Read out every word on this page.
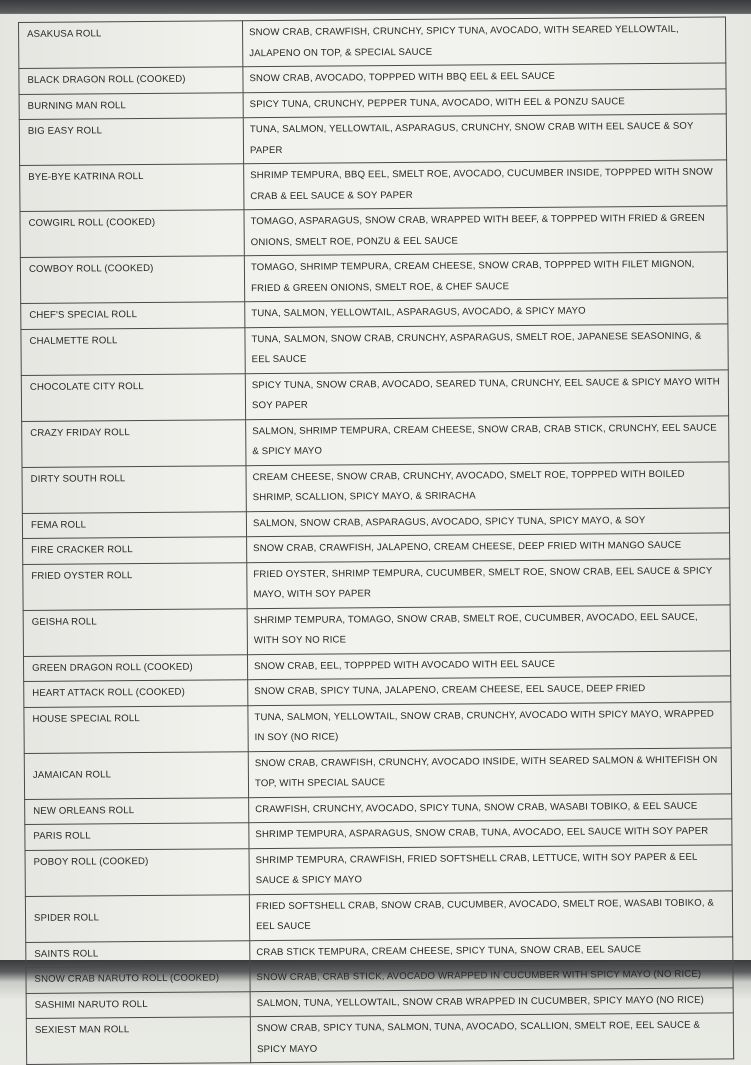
ASAKUSA ROLL	SNOW CRAB, CRAWFISH, CRUNCHY, SPICY TUNA, AVOCADO, WITH SEARED YELLOWTAIL, JALAPENO ON TOP, & SPECIAL SAUCE
BLACK DRAGON ROLL (COOKED)	SNOW CRAB, AVOCADO, TOPPPED WITH BBQ EEL & EEL SAUCE
BURNING MAN ROLL	SPICY TUNA, CRUNCHY, PEPPER TUNA, AVOCADO, WITH EEL & PONZU SAUCE
BIG EASY ROLL	TUNA, SALMON, YELLOWTAIL, ASPARAGUS, CRUNCHY, SNOW CRAB WITH EEL SAUCE & SOY PAPER
BYE-BYE KATRINA ROLL	SHRIMP TEMPURA, BBQ EEL, SMELT ROE, AVOCADO, CUCUMBER INSIDE, TOPPPED WITH SNOW CRAB & EEL SAUCE & SOY PAPER
COWGIRL ROLL (COOKED)	TOMAGO, ASPARAGUS, SNOW CRAB, WRAPPED WITH BEEF, & TOPPPED WITH FRIED & GREEN ONIONS, SMELT ROE, PONZU & EEL SAUCE
COWBOY ROLL (COOKED)	TOMAGO, SHRIMP TEMPURA, CREAM CHEESE, SNOW CRAB, TOPPPED WITH FILET MIGNON, FRIED & GREEN ONIONS, SMELT ROE, & CHEF SAUCE
CHEF'S SPECIAL ROLL	TUNA, SALMON, YELLOWTAIL, ASPARAGUS, AVOCADO, & SPICY MAYO
CHALMETTE ROLL	TUNA, SALMON, SNOW CRAB, CRUNCHY, ASPARAGUS, SMELT ROE, JAPANESE SEASONING, & EEL SAUCE
CHOCOLATE CITY ROLL	SPICY TUNA, SNOW CRAB, AVOCADO, SEARED TUNA, CRUNCHY, EEL SAUCE & SPICY MAYO WITH SOY PAPER
CRAZY FRIDAY ROLL	SALMON, SHRIMP TEMPURA, CREAM CHEESE, SNOW CRAB, CRAB STICK, CRUNCHY, EEL SAUCE & SPICY MAYO
DIRTY SOUTH ROLL	CREAM CHEESE, SNOW CRAB, CRUNCHY, AVOCADO, SMELT ROE, TOPPPED WITH BOILED SHRIMP, SCALLION, SPICY MAYO, & SRIRACHA
FEMA ROLL	SALMON, SNOW CRAB, ASPARAGUS, AVOCADO, SPICY TUNA, SPICY MAYO, & SOY
FIRE CRACKER ROLL	SNOW CRAB, CRAWFISH, JALAPENO, CREAM CHEESE, DEEP FRIED WITH MANGO SAUCE
FRIED OYSTER ROLL	FRIED OYSTER, SHRIMP TEMPURA, CUCUMBER, SMELT ROE, SNOW CRAB, EEL SAUCE & SPICY MAYO, WITH SOY PAPER
GEISHA ROLL	SHRIMP TEMPURA, TOMAGO, SNOW CRAB, SMELT ROE, CUCUMBER, AVOCADO, EEL SAUCE, WITH SOY NO RICE
GREEN DRAGON ROLL (COOKED)	SNOW CRAB, EEL, TOPPPED WITH AVOCADO WITH EEL SAUCE
HEART ATTACK ROLL (COOKED)	SNOW CRAB, SPICY TUNA, JALAPENO, CREAM CHEESE, EEL SAUCE, DEEP FRIED
HOUSE SPECIAL ROLL	TUNA, SALMON, YELLOWTAIL, SNOW CRAB, CRUNCHY, AVOCADO WITH SPICY MAYO, WRAPPED IN SOY (NO RICE)
JAMAICAN ROLL	SNOW CRAB, CRAWFISH, CRUNCHY, AVOCADO INSIDE, WITH SEARED SALMON & WHITEFISH ON TOP, WITH SPECIAL SAUCE
NEW ORLEANS ROLL	CRAWFISH, CRUNCHY, AVOCADO, SPICY TUNA, SNOW CRAB, WASABI TOBIKO, & EEL SAUCE
PARIS ROLL	SHRIMP TEMPURA, ASPARAGUS, SNOW CRAB, TUNA, AVOCADO, EEL SAUCE WITH SOY PAPER
POBOY ROLL (COOKED)	SHRIMP TEMPURA, CRAWFISH, FRIED SOFTSHELL CRAB, LETTUCE, WITH SOY PAPER & EEL SAUCE & SPICY MAYO
SPIDER ROLL	FRIED SOFTSHELL CRAB, SNOW CRAB, CUCUMBER, AVOCADO, SMELT ROE, WASABI TOBIKO, & EEL SAUCE
SAINTS ROLL	CRAB STICK TEMPURA, CREAM CHEESE, SPICY TUNA, SNOW CRAB, EEL SAUCE
SNOW CRAB NARUTO ROLL (COOKED)	SNOW CRAB, CRAB STICK, AVOCADO WRAPPED IN CUCUMBER WITH SPICY MAYO (NO RICE)
SASHIMI NARUTO ROLL	SALMON, TUNA, YELLOWTAIL, SNOW CRAB WRAPPED IN CUCUMBER, SPICY MAYO (NO RICE)
SEXIEST MAN ROLL	SNOW CRAB, SPICY TUNA, SALMON, TUNA, AVOCADO, SCALLION, SMELT ROE, EEL SAUCE & SPICY MAYO
